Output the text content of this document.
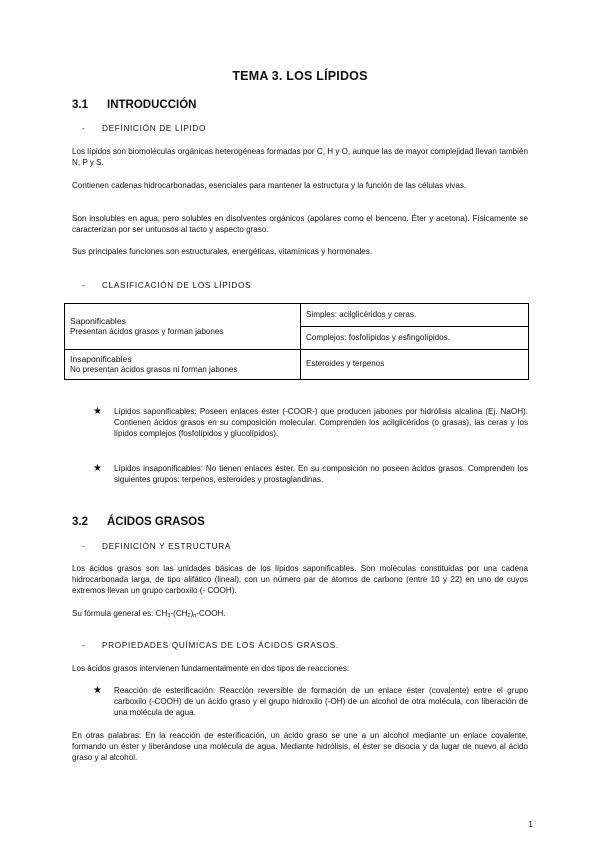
TEMA 3. LOS LÍPIDOS
3.1 INTRODUCCIÓN
- DEFINICIÓN DE LÍPIDO
Los lípidos son biomoléculas orgánicas heterogéneas formadas por C, H y O, aunque las de mayor complejidad llevan también N, P y S.
Contienen cadenas hidrocarbonadas, esenciales para mantener la estructura y la función de las células vivas.
Son insolubles en agua, pero solubles en disolventes orgánicos (apolares como el benceno. Éter y acetona). Físicamente se caracterizan por ser untuosos al tacto y aspecto graso.
Sus principales funciones son estructurales, energéticas, vitamínicas y hormonales.
- CLASIFICACIÓN DE LOS LÍPIDOS
Saponificables
Presentan ácidos grasos y forman jabones	Simples: acilglicéridos y ceras.
	Complejos: fosfolípidos y esfingolípidos.

Insaponificables
No presentan ácidos grasos ni forman jabones	Esteroides y terpenos
★ Lípidos saponificables: Poseen enlaces éster (-COOR-) que producen jabones por hidrólisis alcalina (Ej. NaOH). Contienen ácidos grasos en su composición molecular. Comprenden los acilglicéridos (o grasas), las ceras y los lípidos complejos (fosfolípidos y glucolípidos).
★ Lípidos insaponificables: No tienen enlaces éster. En su composición no poseen ácidos grasos. Comprenden los siguientes grupos: terpenos, esteroides y prostaglandinas.
3.2 ÁCIDOS GRASOS
- DEFINICIÓN Y ESTRUCTURA
Los ácidos grasos son las unidades básicas de los lípidos saponificables. Son moléculas constituidas por una cadena hidrocarbonada larga, de tipo alifático (lineal), con un número par de átomos de carbono (entre 10 y 22) en uno de cuyos extremos llevan un grupo carboxilo (- COOH).
Su fórmula general es: $CH_3-(CH_2)_n$-COOH.
- PROPIEDADES QUÍMICAS DE LOS ÁCIDOS GRASOS.
Los ácidos grasos intervienen fundamentalmente en dos tipos de reacciones:
★ Reacción de esterificación. Reacción reversible de formación de un enlace éster (covalente) entre el grupo carboxilo (-COOH) de un ácido graso y el grupo hidroxilo (-OH) de un alcohol de otra molécula, con liberación de una molécula de agua.
En otras palabras: En la reacción de esterificación, un ácido graso se une a un alcohol mediante un enlace covalente, formando un éster y liberándose una molécula de agua. Mediante hidrólisis, el éster se disocia y da lugar de nuevo al ácido graso y al alcohol.
1
